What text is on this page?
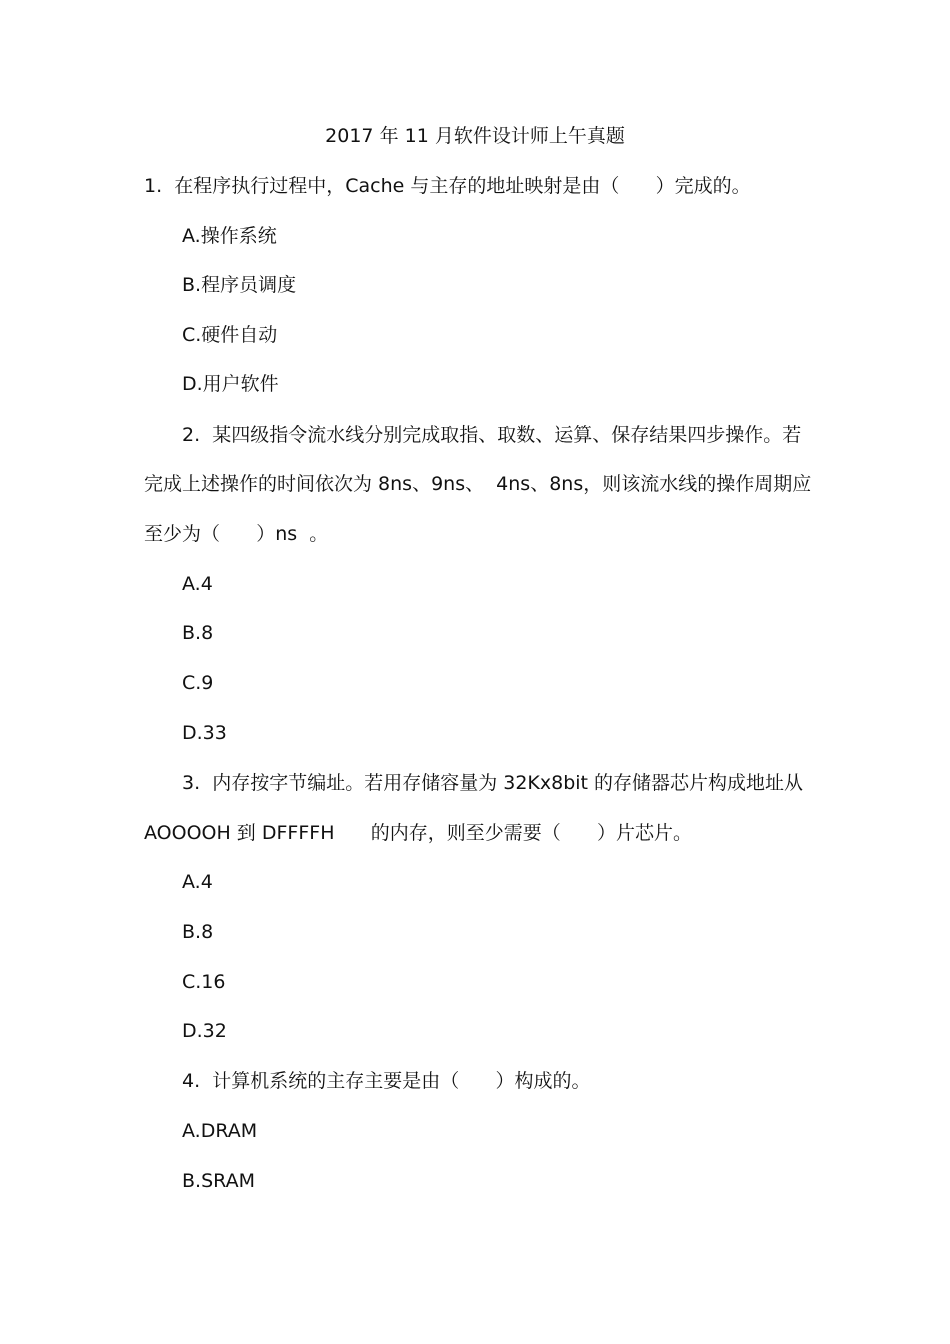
2017 年 11 月软件设计师上午真题
1.  在程序执行过程中，Cache 与主存的地址映射是由（      ）完成的。
A.操作系统
B.程序员调度
C.硬件自动
D.用户软件
2.  某四级指令流水线分别完成取指、取数、运算、保存结果四步操作。若
完成上述操作的时间依次为 8ns、9ns、  4ns、8ns，则该流水线的操作周期应
至少为（      ）ns  。
A.4
B.8
C.9
D.33
3.  内存按字节编址。若用存储容量为 32Kx8bit 的存储器芯片构成地址从
AOOOOH 到 DFFFFH      的内存，则至少需要（      ）片芯片。
A.4
B.8
C.16
D.32
4.  计算机系统的主存主要是由（      ）构成的。
A.DRAM
B.SRAM
